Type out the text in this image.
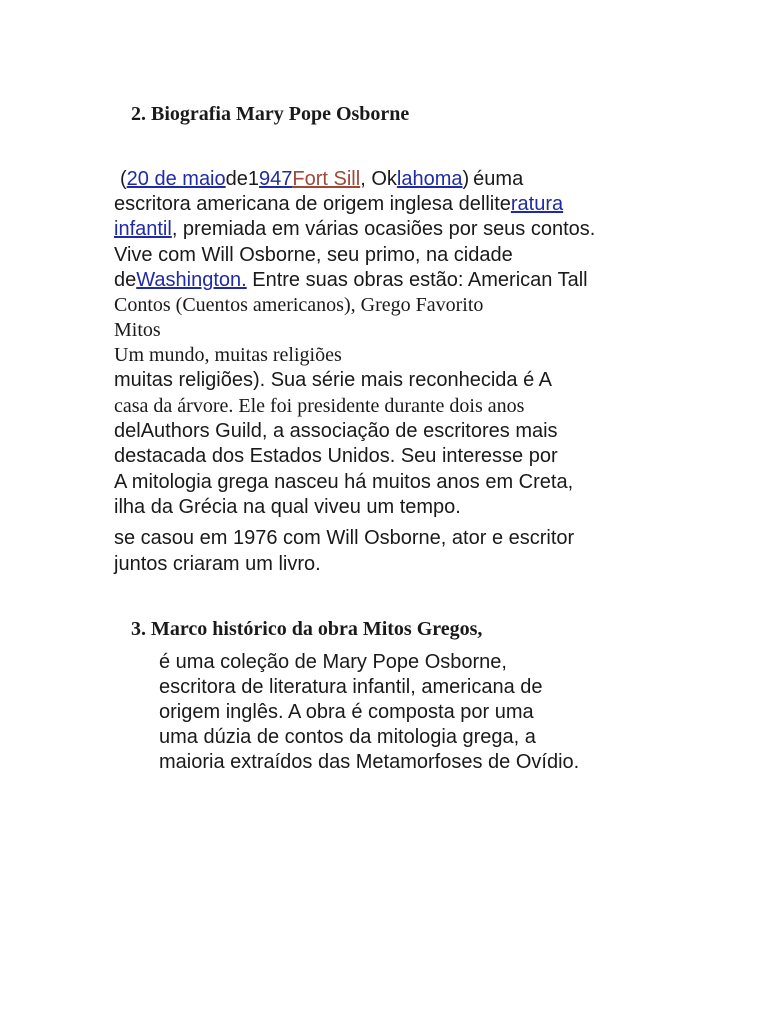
2. Biografia Mary Pope Osborne
(20 de maiode1947Fort Sill, Oklahoma) éuma
escritora americana de origem inglesa delliteratura
infantil, premiada em várias ocasiões por seus contos.
Vive com Will Osborne, seu primo, na cidade
deWashington. Entre suas obras estão: American Tall
Contos (Cuentos americanos), Grego Favorito
Mitos
Um mundo, muitas religiões
muitas religiões). Sua série mais reconhecida é A
casa da árvore. Ele foi presidente durante dois anos
delAuthors Guild, a associação de escritores mais
destacada dos Estados Unidos. Seu interesse por
A mitologia grega nasceu há muitos anos em Creta,
ilha da Grécia na qual viveu um tempo.
se casou em 1976 com Will Osborne, ator e escritor
juntos criaram um livro.
3. Marco histórico da obra Mitos Gregos,
é uma coleção de Mary Pope Osborne,
escritora de literatura infantil, americana de
origem inglês. A obra é composta por uma
uma dúzia de contos da mitologia grega, a
maioria extraídos das Metamorfoses de Ovídio.
